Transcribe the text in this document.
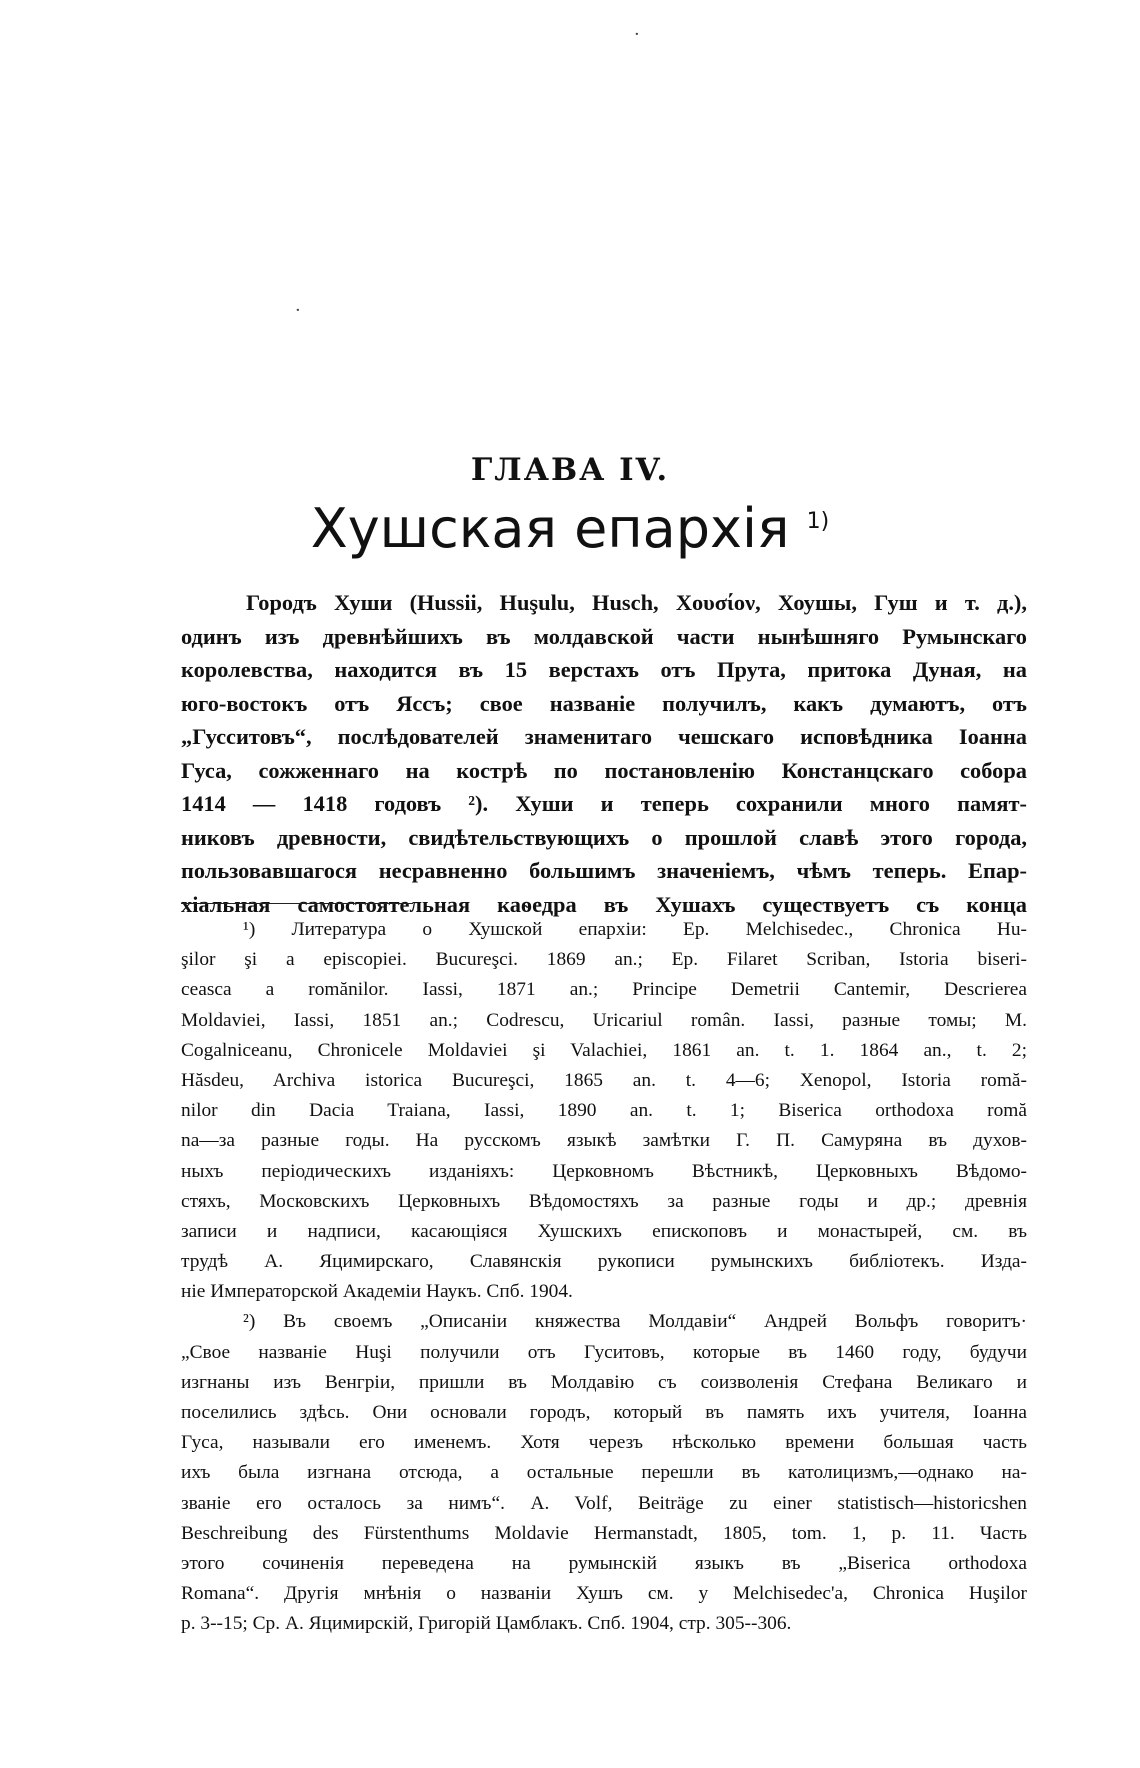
·
·
ГЛАВА IV.
Хушская епархія $^{1)}$
Городъ Хуши (Hussii, Huşulu, Husch, Χουσίον, Хоушы, Гуш и т. д.),
одинъ изъ древнѣйшихъ въ молдавской части нынѣшняго Румынскаго
королевства, находится въ 15 верстахъ отъ Прута, притока Дуная, на
юго-востокъ отъ Яссъ; свое названіе получилъ, какъ думаютъ, отъ
„Гусситовъ“, послѣдователей знаменитаго чешскаго исповѣдника Іоанна
Гуса, сожженнаго на кострѣ по постановленію Констанцскаго собора
1414 — 1418 годовъ ²). Хуши и теперь сохранили много памят-
никовъ древности, свидѣтельствующихъ о прошлой славѣ этого города,
пользовавшагося несравненно большимъ значеніемъ, чѣмъ теперь. Епар-
хіальная самостоятельная каѳедра въ Хушахъ существуетъ съ конца
¹) Литература о Хушской епархіи: Ep. Melchisedec., Chronica Hu-
şilor şi a episcopiei. Bucureşci. 1869 an.; Ep. Filaret Scriban, Istoria biseri-
ceasca a romănilor. Iassi, 1871 an.; Principe Demetrii Cantemir, Descrierea
Moldaviei, Iassi, 1851 an.; Codrescu, Uricariul român. Iassi, разные томы; M.
Cogalniceanu, Chronicele Moldaviei şi Valachiei, 1861 an. t. 1. 1864 an., t. 2;
Hăsdeu, Archiva istorica Bucureşci, 1865 an. t. 4—6; Xenopol, Istoria romă-
nilor din Dacia Traiana, Iassi, 1890 an. t. 1; Biserica orthodoxa romă
na—за разные годы. На русскомъ языкѣ замѣтки Г. П. Самуряна въ духов-
ныхъ періодическихъ изданіяхъ: Церковномъ Вѣстникѣ, Церковныхъ Вѣдомо-
стяхъ, Московскихъ Церковныхъ Вѣдомостяхъ за разные годы и др.; древнія
записи и надписи, касающіяся Хушскихъ епископовъ и монастырей, см. въ
трудѣ А. Яцимирскаго, Славянскія рукописи румынскихъ библіотекъ. Изда-
ніе Императорской Академіи Наукъ. Спб. 1904.
²) Въ своемъ „Описаніи княжества Молдавіи“ Андрей Вольфъ говоритъ·
„Свое названіе Huşi получили отъ Гуситовъ, которые въ 1460 году, будучи
изгнаны изъ Венгріи, пришли въ Молдавію съ соизволенія Стефана Великаго и
поселились здѣсь. Они основали городъ, который въ память ихъ учителя, Іоанна
Гуса, называли его именемъ. Хотя черезъ нѣсколько времени большая часть
ихъ была изгнана отсюда, а остальные перешли въ католицизмъ,—однако на-
званіе его осталось за нимъ“. A. Volf, Beiträge zu einer statistisch—historicshen
Beschreibung des Fürstenthums Moldavie Hermanstadt, 1805, tom. 1, p. 11. Часть
этого сочиненія переведена на румынскій языкъ въ „Biserica orthodoxa
Romana“. Другія мнѣнія о названіи Хушъ см. у Melchisedec'a, Chronica Huşilor
p. 3--15; Ср. А. Яцимирскій, Григорій Цамблакъ. Спб. 1904, стр. 305--306.
